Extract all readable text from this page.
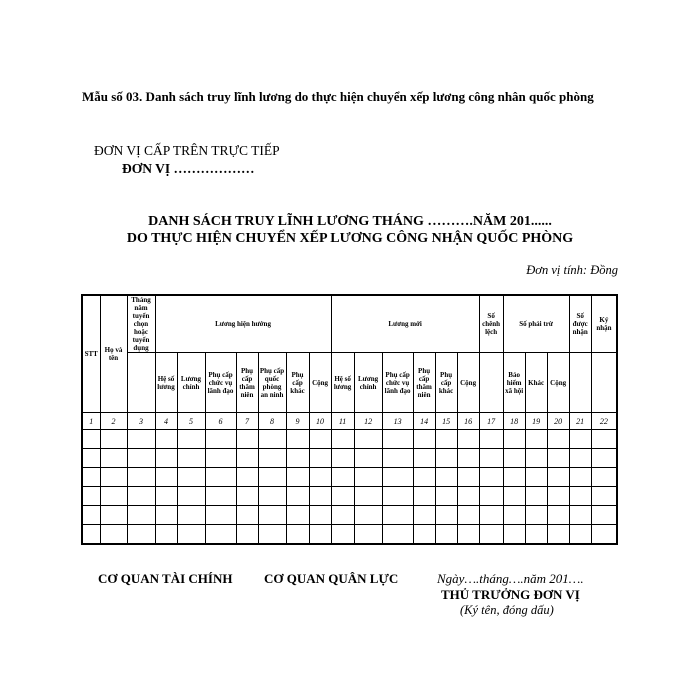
Mẫu số 03. Danh sách truy lĩnh lương do thực hiện chuyển xếp lương công nhân quốc phòng
ĐƠN VỊ CẤP TRÊN TRỰC TIẾP
ĐƠN VỊ ………………
DANH SÁCH TRUY LĨNH LƯƠNG THÁNG ……….NĂM 201......
DO THỰC HIỆN CHUYỂN XẾP LƯƠNG CÔNG NHẬN QUỐC PHÒNG
Đơn vị tính: Đồng
STT	Họ và tên	Tháng năm tuyển chọn hoặc tuyển dụng	Lương hiện hưởng							Lương mới						Số chênh lệch	Số phải trừ			Số được nhận	Ký nhận
			Hệ số lương	Lương chính	Phụ cấp chức vụ lãnh đạo	Phụ cấp thâm niên	Phụ cấp quốc phòng an ninh	Phụ cấp khác	Cộng	Hệ số lương	Lương chính	Phụ cấp chức vụ lãnh đạo	Phụ cấp thâm niên	Phụ cấp khác	Cộng		Bảo hiểm xã hội	Khác	Cộng		
1	2	3	4	5	6	7	8	9	10	11	12	13	14	15	16	17	18	19	20	21	22

CƠ QUAN TÀI CHÍNH CƠ QUAN QUÂN LỰC	Ngày….tháng….năm 201….
THỦ TRƯỞNG ĐƠN VỊ
(Ký tên, đóng dấu)
